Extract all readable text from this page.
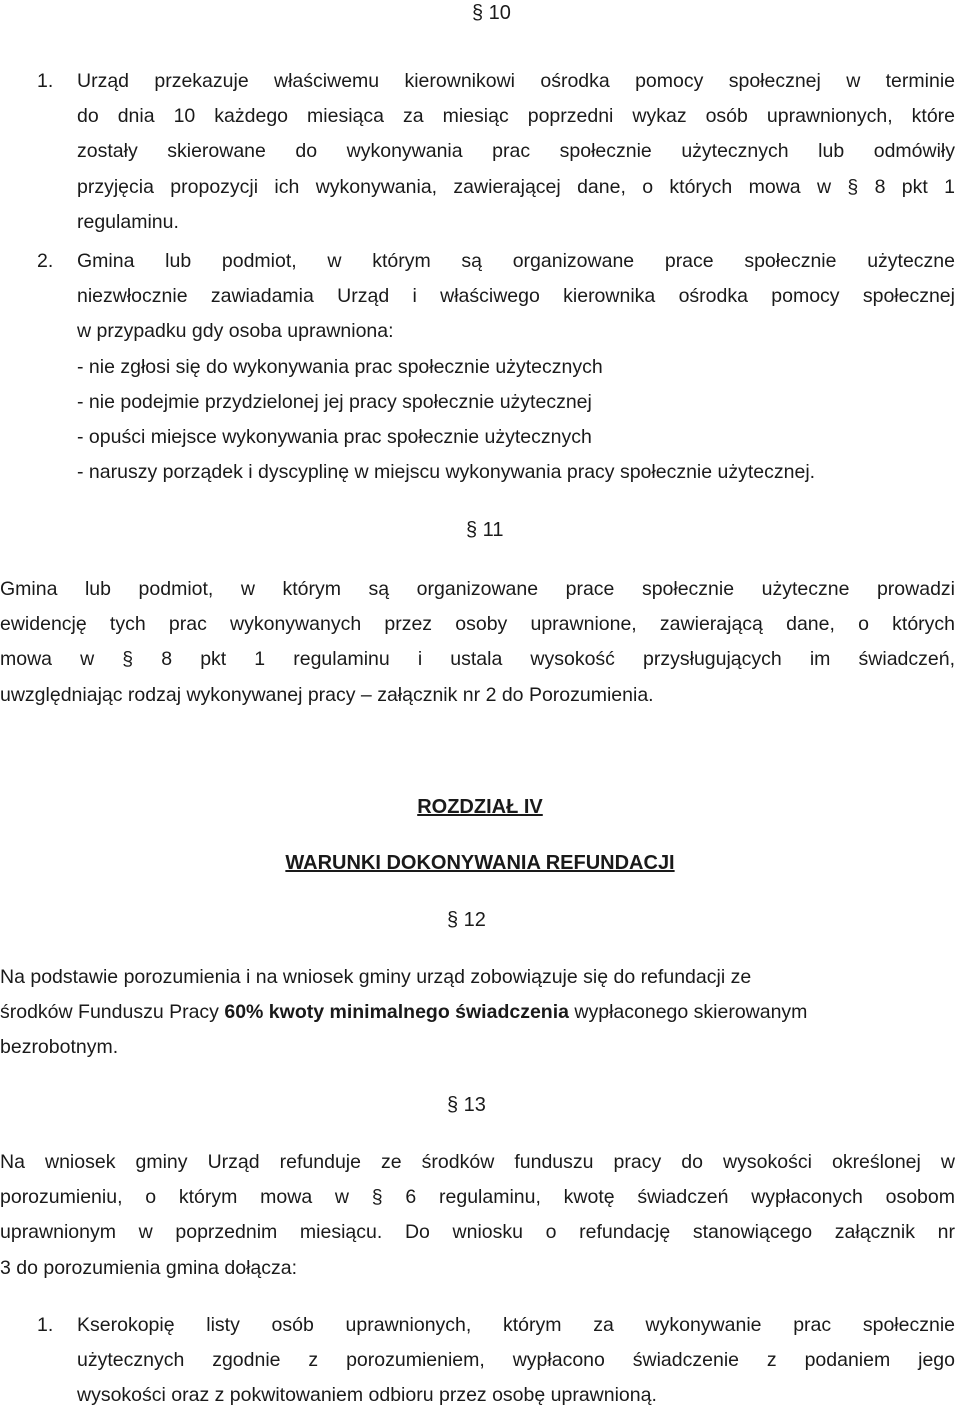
§ 10
1. Urząd przekazuje właściwemu kierownikowi ośrodka pomocy społecznej w terminie
do dnia 10 każdego miesiąca za miesiąc poprzedni wykaz osób uprawnionych, które
zostały skierowane do wykonywania prac społecznie użytecznych lub odmówiły
przyjęcia propozycji ich wykonywania, zawierającej dane, o których mowa w § 8 pkt 1
regulaminu.
2. Gmina lub podmiot, w którym są organizowane prace społecznie użyteczne
niezwłocznie zawiadamia Urząd i właściwego kierownika ośrodka pomocy społecznej
w przypadku gdy osoba uprawniona:
- nie zgłosi się do wykonywania prac społecznie użytecznych
- nie podejmie przydzielonej jej pracy społecznie użytecznej
- opuści miejsce wykonywania prac społecznie użytecznych
- naruszy porządek i dyscyplinę w miejscu wykonywania pracy społecznie użytecznej.
§ 11
Gmina lub podmiot, w którym są organizowane prace społecznie użyteczne prowadzi
ewidencję tych prac wykonywanych przez osoby uprawnione, zawierającą dane, o których
mowa w § 8 pkt 1 regulaminu i ustala wysokość przysługujących im świadczeń,
uwzględniając rodzaj wykonywanej pracy – załącznik nr 2 do Porozumienia.
ROZDZIAŁ IV
WARUNKI DOKONYWANIA REFUNDACJI
§ 12
Na podstawie porozumienia i na wniosek gminy urząd zobowiązuje się do refundacji ze
środków Funduszu Pracy 60% kwoty minimalnego świadczenia wypłaconego skierowanym
bezrobotnym.
§ 13
Na wniosek gminy Urząd refunduje ze środków funduszu pracy do wysokości określonej w
porozumieniu, o którym mowa w § 6 regulaminu, kwotę świadczeń wypłaconych osobom
uprawnionym w poprzednim miesiącu. Do wniosku o refundację stanowiącego załącznik nr
3 do porozumienia gmina dołącza:
1. Kserokopię listy osób uprawnionych, którym za wykonywanie prac społecznie
użytecznych zgodnie z porozumieniem, wypłacono świadczenie z podaniem jego
wysokości oraz z pokwitowaniem odbioru przez osobę uprawnioną.
